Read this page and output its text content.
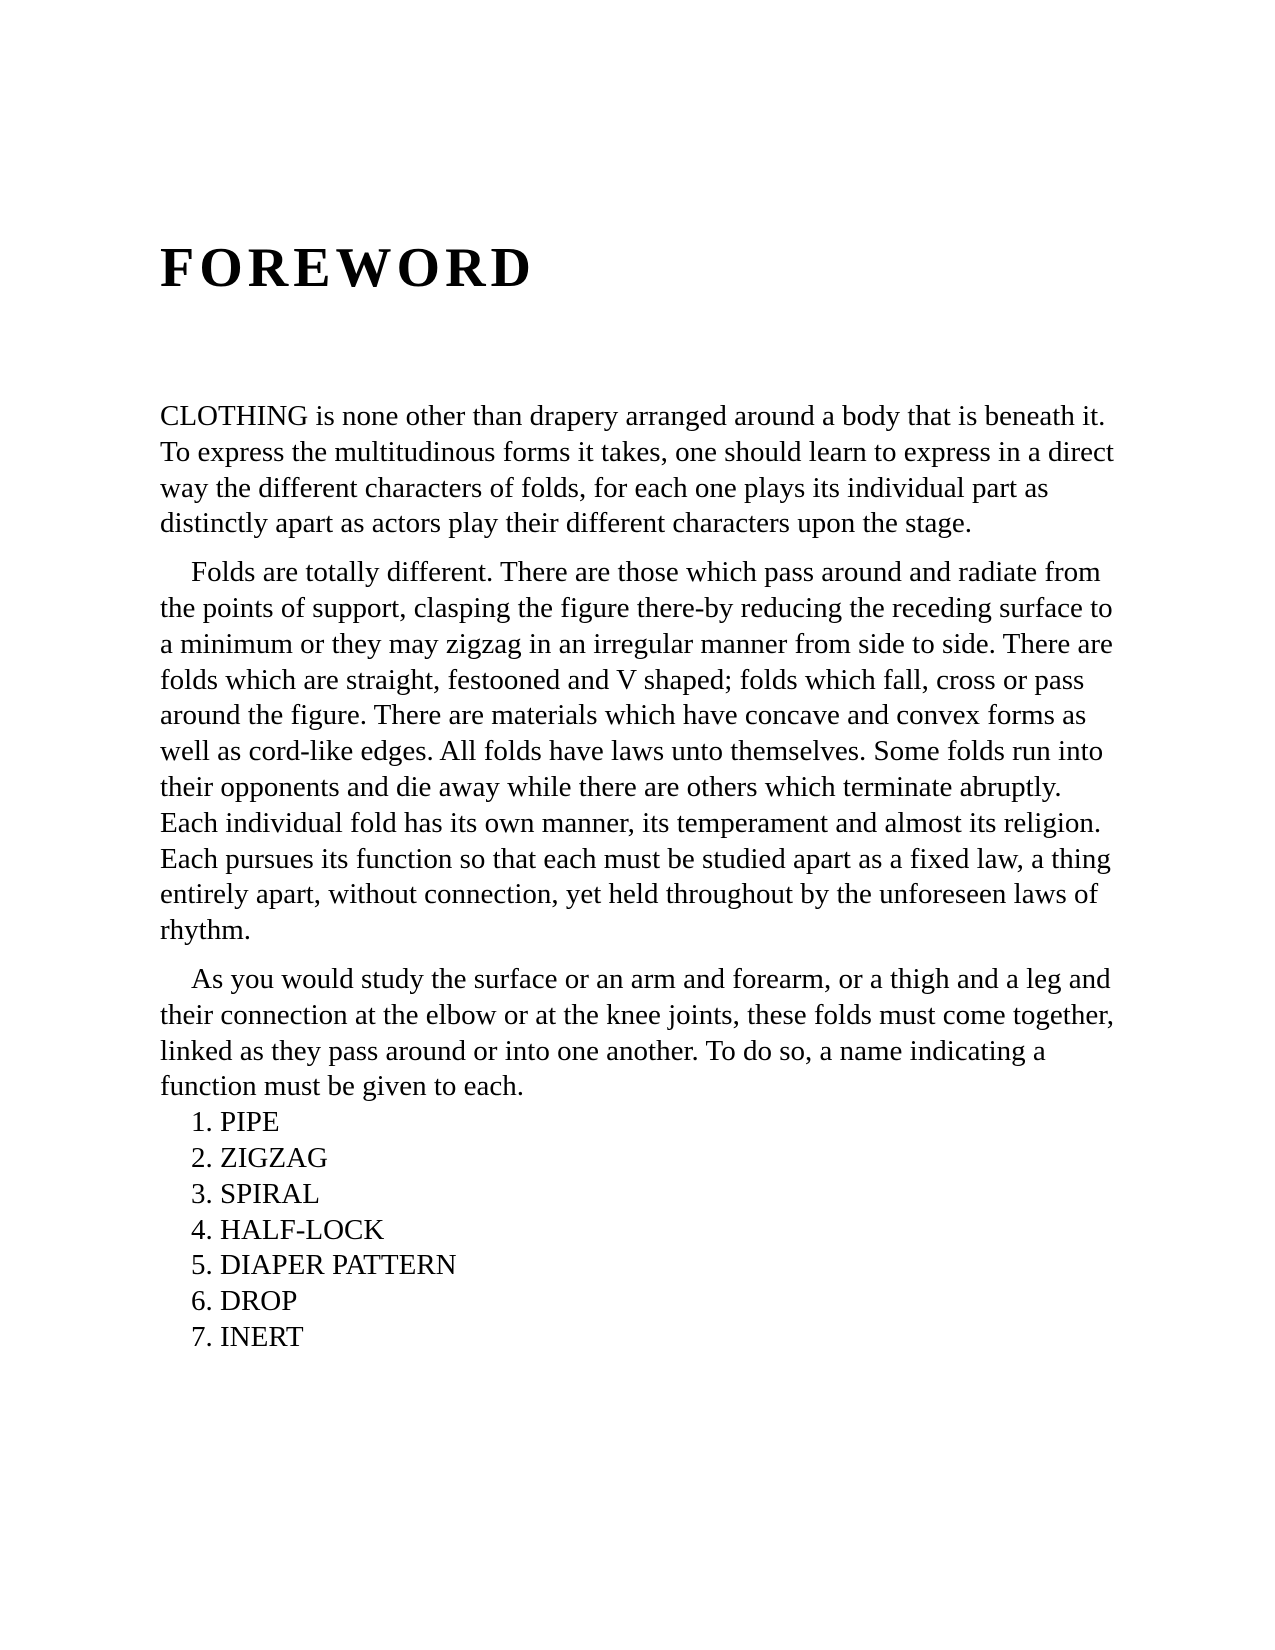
FOREWORD

CLOTHING is none other than drapery arranged around a body that is beneath it. To express the multitudinous forms it takes, one should learn to express in a direct way the different characters of folds, for each one plays its individual part as distinctly apart as actors play their different characters upon the stage.

Folds are totally different. There are those which pass around and radiate from the points of support, clasping the figure there-by reducing the receding surface to a minimum or they may zigzag in an irregular manner from side to side. There are folds which are straight, festooned and V shaped; folds which fall, cross or pass around the figure. There are materials which have concave and convex forms as well as cord-like edges. All folds have laws unto themselves. Some folds run into their opponents and die away while there are others which terminate abruptly. Each individual fold has its own manner, its temperament and almost its religion. Each pursues its function so that each must be studied apart as a fixed law, a thing entirely apart, without connection, yet held throughout by the unforeseen laws of rhythm.

As you would study the surface or an arm and forearm, or a thigh and a leg and their connection at the elbow or at the knee joints, these folds must come together, linked as they pass around or into one another. To do so, a name indicating a function must be given to each.

1. PIPE
2. ZIGZAG
3. SPIRAL
4. HALF-LOCK
5. DIAPER PATTERN
6. DROP
7. INERT
